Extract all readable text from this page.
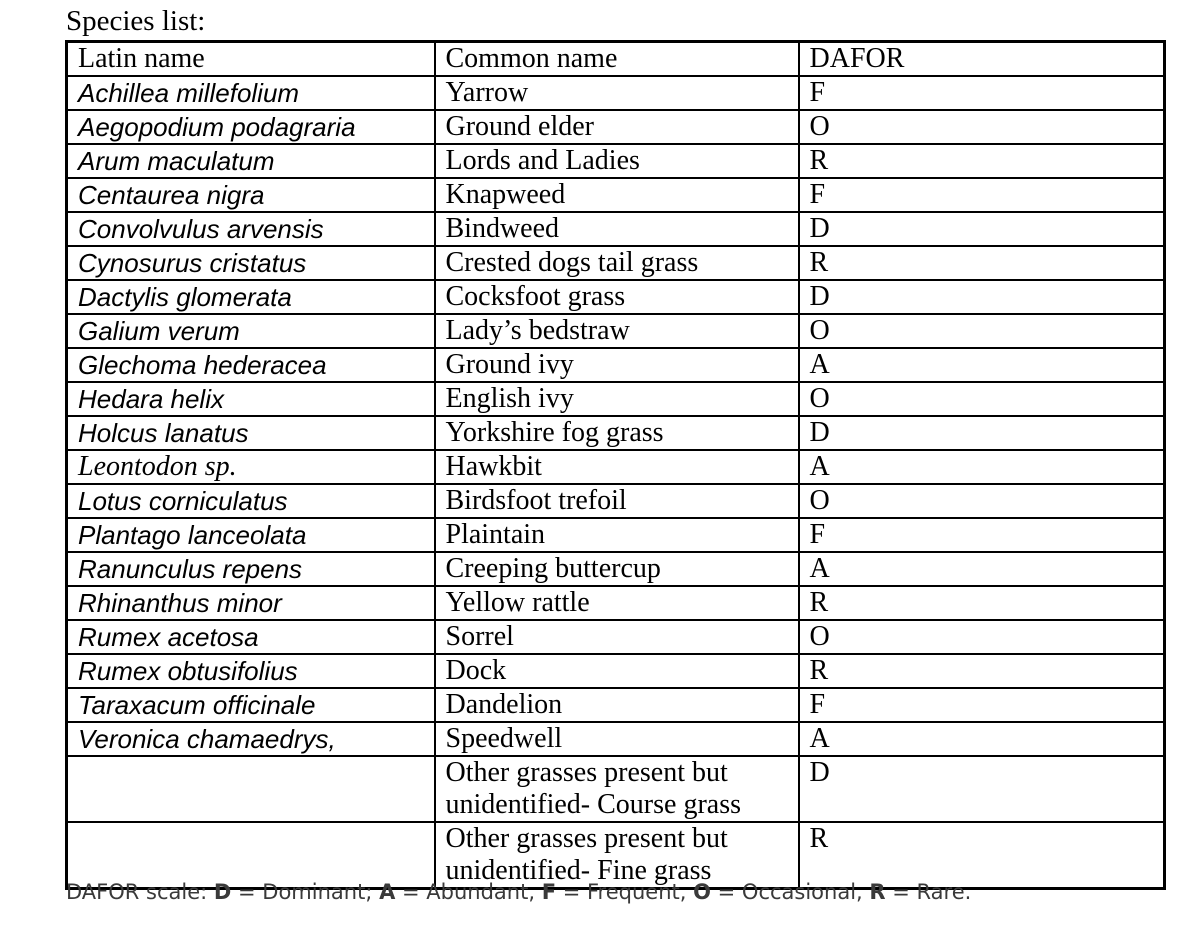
Species list:
Latin name	Common name	DAFOR
Achillea millefolium	Yarrow	F
Aegopodium podagraria	Ground elder	O
Arum maculatum	Lords and Ladies	R
Centaurea nigra	Knapweed	F
Convolvulus arvensis	Bindweed	D
Cynosurus cristatus	Crested dogs tail grass	R
Dactylis glomerata	Cocksfoot grass	D
Galium verum	Lady’s bedstraw	O
Glechoma hederacea	Ground ivy	A
Hedara helix	English ivy	O
Holcus lanatus	Yorkshire fog grass	D
Leontodon sp.	Hawkbit	A
Lotus corniculatus	Birdsfoot trefoil	O
Plantago lanceolata	Plaintain	F
Ranunculus repens	Creeping buttercup	A
Rhinanthus minor	Yellow rattle	R
Rumex acetosa	Sorrel	O
Rumex obtusifolius	Dock	R
Taraxacum officinale	Dandelion	F
Veronica chamaedrys,	Speedwell	A
	Other grasses present but unidentified- Course grass	D
	Other grasses present but unidentified- Fine grass	R
DAFOR scale: D = Dominant; A = Abundant, F = Frequent, O = Occasional, R = Rare.
